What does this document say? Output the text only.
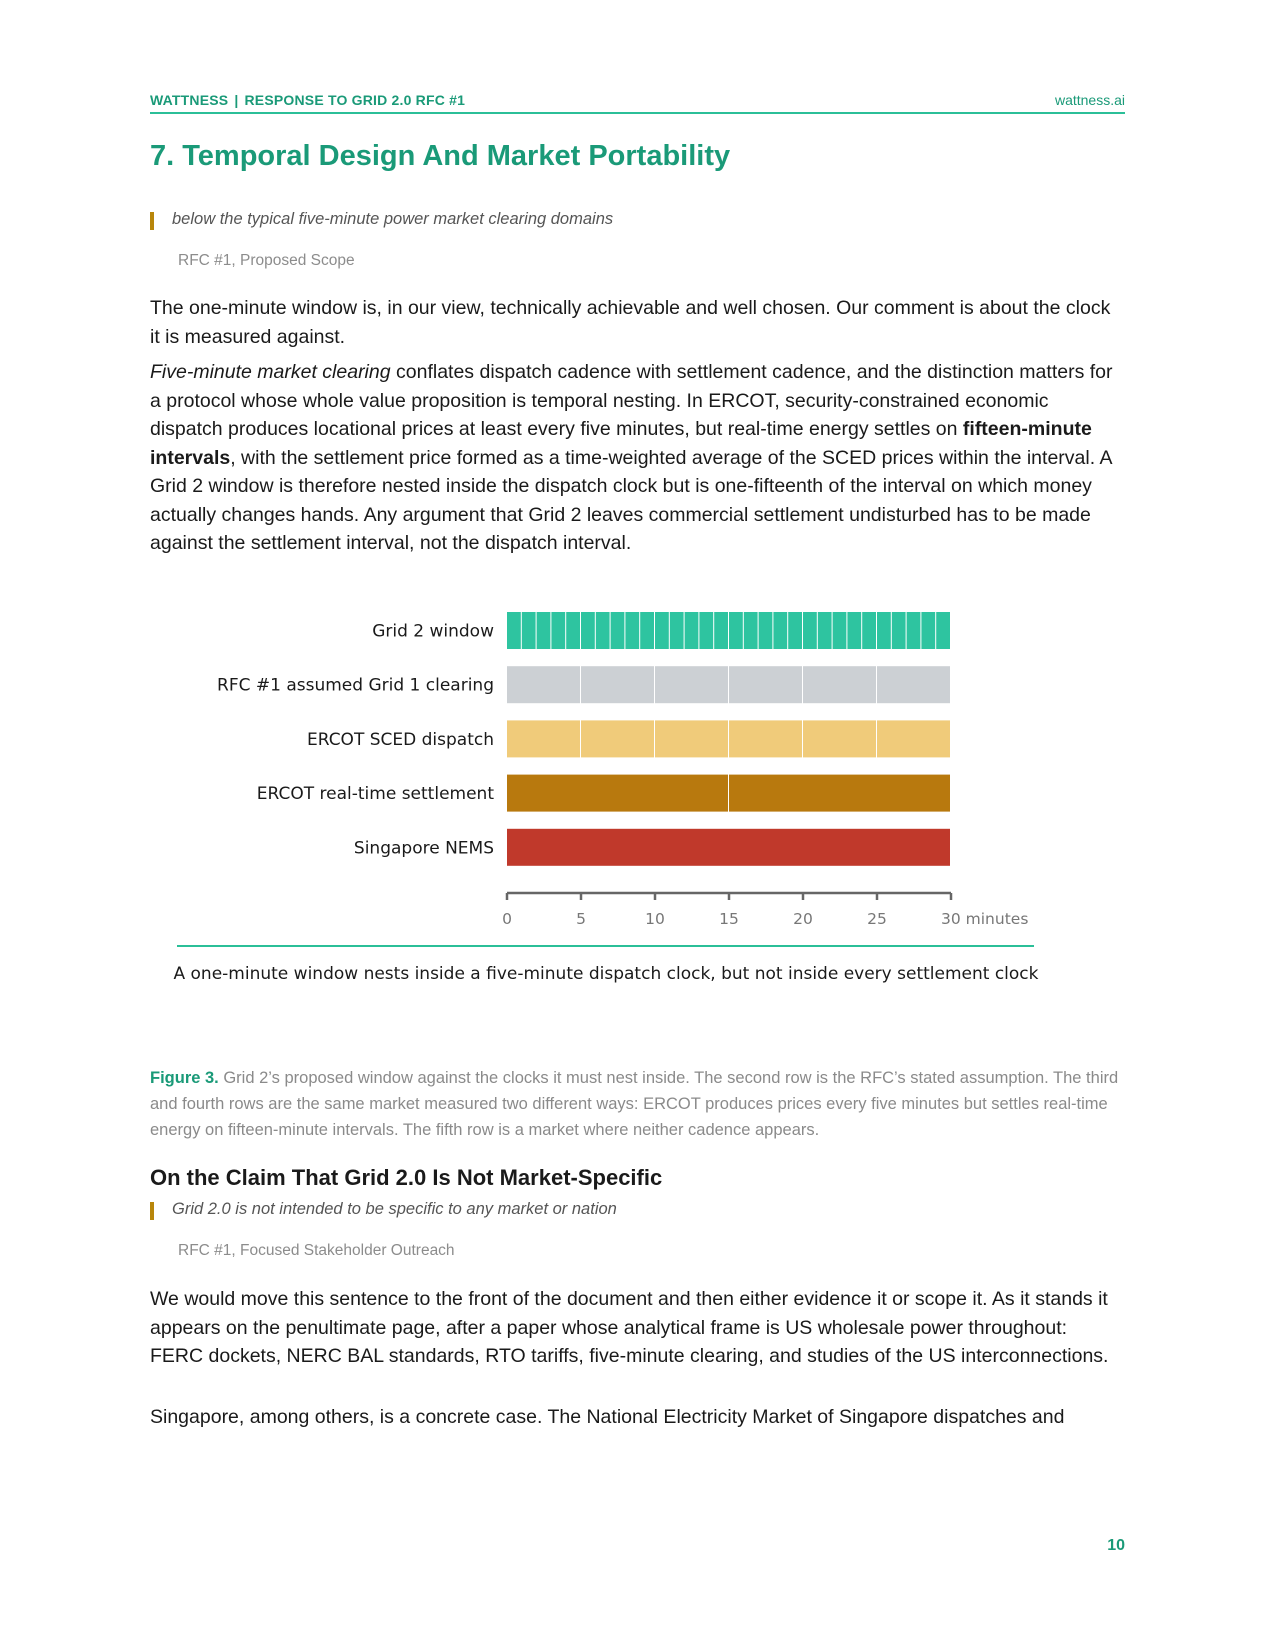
WATTNESS | RESPONSE TO GRID 2.0 RFC #1	wattness.ai
7. Temporal Design And Market Portability
below the typical five-minute power market clearing domains
RFC #1, Proposed Scope

The one-minute window is, in our view, technically achievable and well chosen. Our comment is about the clock it is measured against.

Five-minute market clearing conflates dispatch cadence with settlement cadence, and the distinction matters for a protocol whose whole value proposition is temporal nesting. In ERCOT, security-constrained economic dispatch produces locational prices at least every five minutes, but real-time energy settles on fifteen-minute intervals, with the settlement price formed as a time-weighted average of the SCED prices within the interval. A Grid 2 window is therefore nested inside the dispatch clock but is one-fifteenth of the interval on which money actually changes hands. Any argument that Grid 2 leaves commercial settlement undisturbed has to be made against the settlement interval, not the dispatch interval.

Grid 2 window
RFC #1 assumed Grid 1 clearing
ERCOT SCED dispatch
ERCOT real-time settlement
Singapore NEMS
0	5	10	15	20	25	30 minutes
A one-minute window nests inside a five-minute dispatch clock, but not inside every settlement clock

Figure 3. Grid 2’s proposed window against the clocks it must nest inside. The second row is the RFC’s stated assumption. The third and fourth rows are the same market measured two different ways: ERCOT produces prices every five minutes but settles real-time energy on fifteen-minute intervals. The fifth row is a market where neither cadence appears.

On the Claim That Grid 2.0 Is Not Market-Specific
Grid 2.0 is not intended to be specific to any market or nation
RFC #1, Focused Stakeholder Outreach

We would move this sentence to the front of the document and then either evidence it or scope it. As it stands it appears on the penultimate page, after a paper whose analytical frame is US wholesale power throughout: FERC dockets, NERC BAL standards, RTO tariffs, five-minute clearing, and studies of the US interconnections.

Singapore, among others, is a concrete case. The National Electricity Market of Singapore dispatches and

10
